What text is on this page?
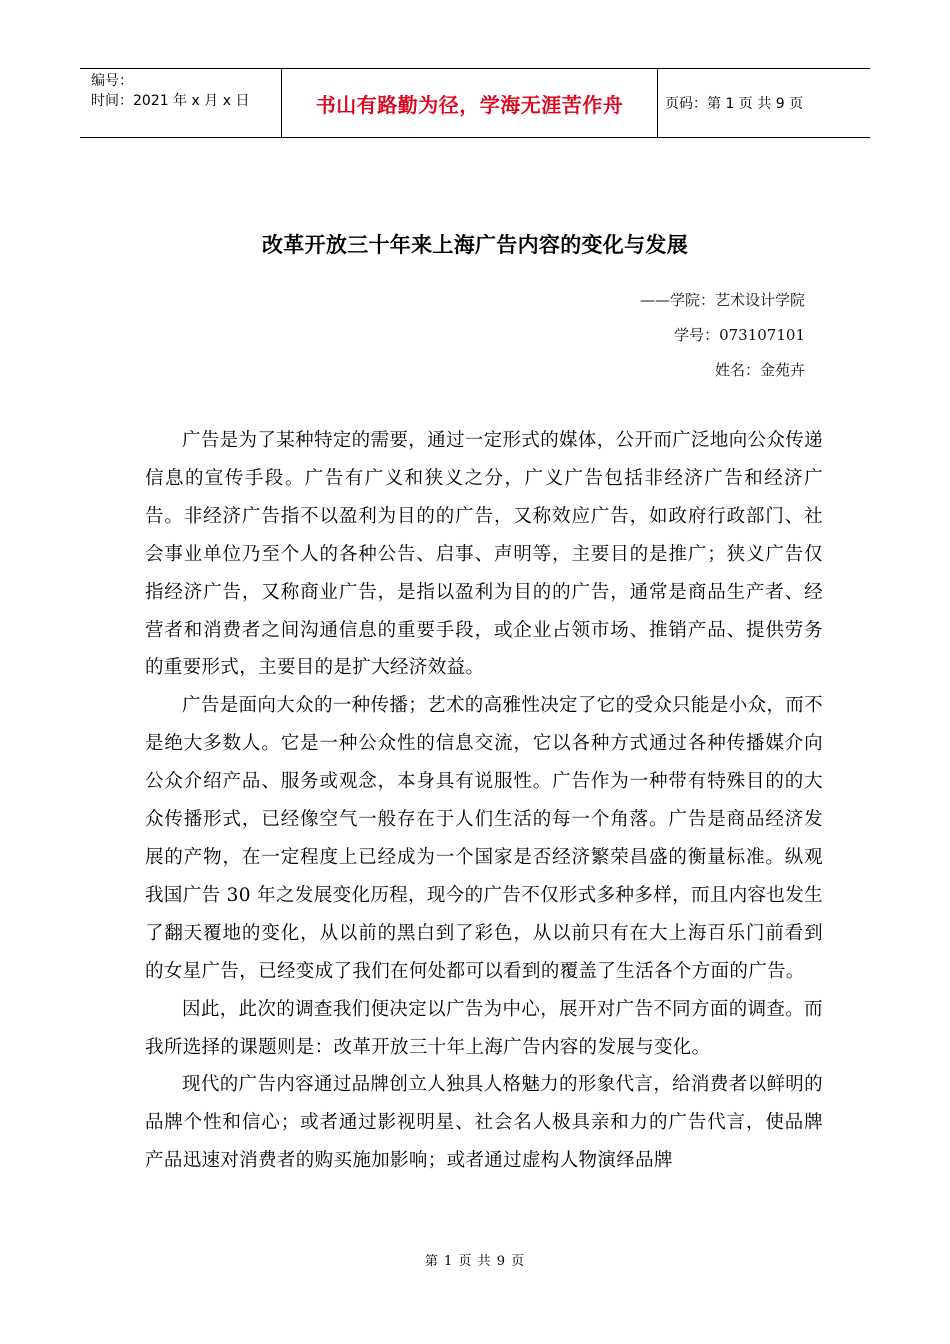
编号：
时间：2021 年 x 月 x 日	书山有路勤为径，学海无涯苦作舟	页码：第 1 页 共 9 页
改革开放三十年来上海广告内容的变化与发展
——学院：艺术设计学院
学号：073107101
姓名：金苑卉

广告是为了某种特定的需要，通过一定形式的媒体，公开而广泛地向公众传递信息的宣传手段。广告有广义和狭义之分，广义广告包括非经济广告和经济广告。非经济广告指不以盈利为目的的广告，又称效应广告，如政府行政部门、社会事业单位乃至个人的各种公告、启事、声明等，主要目的是推广；狭义广告仅指经济广告，又称商业广告，是指以盈利为目的的广告，通常是商品生产者、经营者和消费者之间沟通信息的重要手段，或企业占领市场、推销产品、提供劳务的重要形式，主要目的是扩大经济效益。

广告是面向大众的一种传播；艺术的高雅性决定了它的受众只能是小众，而不是绝大多数人。它是一种公众性的信息交流，它以各种方式通过各种传播媒介向公众介绍产品、服务或观念，本身具有说服性。广告作为一种带有特殊目的的大众传播形式，已经像空气一般存在于人们生活的每一个角落。广告是商品经济发展的产物，在一定程度上已经成为一个国家是否经济繁荣昌盛的衡量标准。纵观我国广告 30 年之发展变化历程，现今的广告不仅形式多种多样，而且内容也发生了翻天覆地的变化，从以前的黑白到了彩色，从以前只有在大上海百乐门前看到的女星广告，已经变成了我们在何处都可以看到的覆盖了生活各个方面的广告。

因此，此次的调查我们便决定以广告为中心，展开对广告不同方面的调查。而我所选择的课题则是：改革开放三十年上海广告内容的发展与变化。

现代的广告内容通过品牌创立人独具人格魅力的形象代言，给消费者以鲜明的品牌个性和信心；或者通过影视明星、社会名人极具亲和力的广告代言，使品牌产品迅速对消费者的购买施加影响；或者通过虚构人物演绎品牌

第 1 页 共 9 页
